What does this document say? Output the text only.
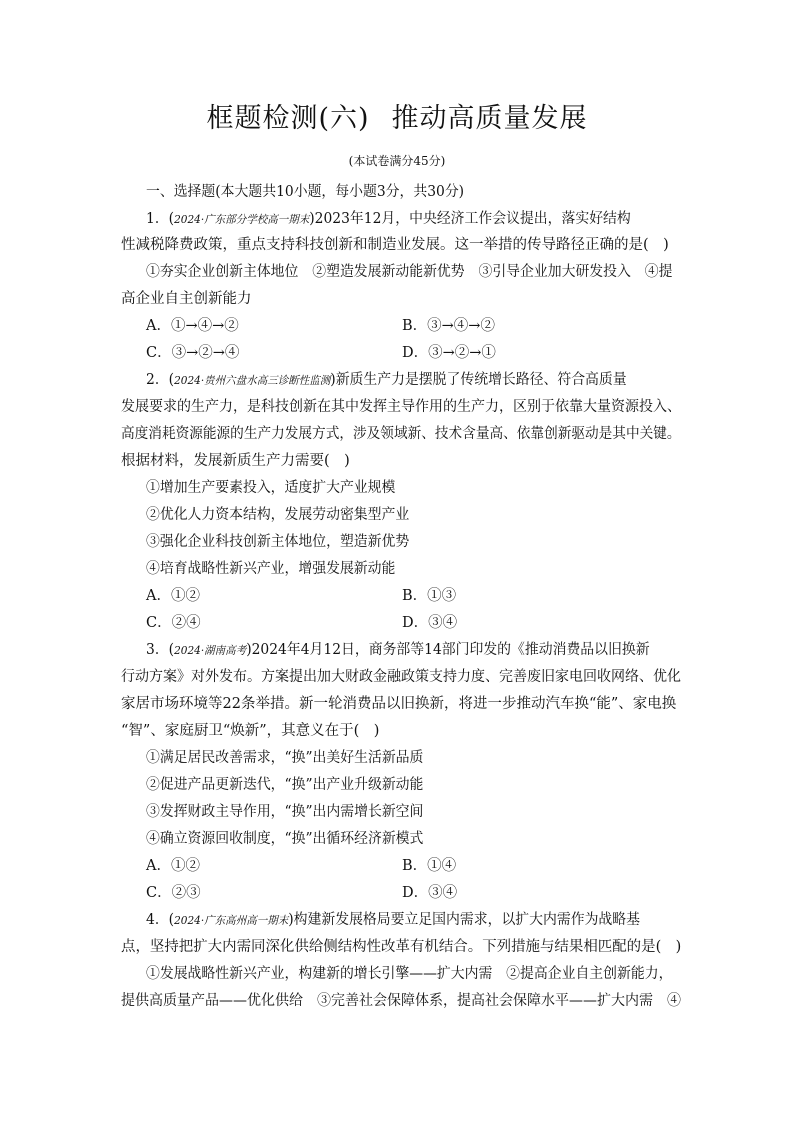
框题检测(六) 推动高质量发展
(本试卷满分45分)
一、选择题(本大题共10小题，每小题3分，共30分)
1．(2024·广东部分学校高一期末)2023年12月，中央经济工作会议提出，落实好结构
性减税降费政策，重点支持科技创新和制造业发展。这一举措的传导路径正确的是(　)
①夯实企业创新主体地位　②塑造发展新动能新优势　③引导企业加大研发投入　④提
高企业自主创新能力
A．①→④→②	B．③→④→②
C．③→②→④	D．③→②→①
2．(2024·贵州六盘水高三诊断性监测)新质生产力是摆脱了传统增长路径、符合高质量
发展要求的生产力，是科技创新在其中发挥主导作用的生产力，区别于依靠大量资源投入、
高度消耗资源能源的生产力发展方式，涉及领域新、技术含量高、依靠创新驱动是其中关键。
根据材料，发展新质生产力需要(　)
①增加生产要素投入，适度扩大产业规模
②优化人力资本结构，发展劳动密集型产业
③强化企业科技创新主体地位，塑造新优势
④培育战略性新兴产业，增强发展新动能
A．①②	B．①③
C．②④	D．③④
3．(2024·湖南高考)2024年4月12日，商务部等14部门印发的《推动消费品以旧换新
行动方案》对外发布。方案提出加大财政金融政策支持力度、完善废旧家电回收网络、优化
家居市场环境等22条举措。新一轮消费品以旧换新，将进一步推动汽车换“能”、家电换
“智”、家庭厨卫“焕新”，其意义在于(　)
①满足居民改善需求，“换”出美好生活新品质
②促进产品更新迭代，“换”出产业升级新动能
③发挥财政主导作用，“换”出内需增长新空间
④确立资源回收制度，“换”出循环经济新模式
A．①②	B．①④
C．②③	D．③④
4．(2024·广东高州高一期末)构建新发展格局要立足国内需求，以扩大内需作为战略基
点，坚持把扩大内需同深化供给侧结构性改革有机结合。下列措施与结果相匹配的是(　)
①发展战略性新兴产业，构建新的增长引擎——扩大内需　②提高企业自主创新能力，
提供高质量产品——优化供给　③完善社会保障体系，提高社会保障水平——扩大内需　④
